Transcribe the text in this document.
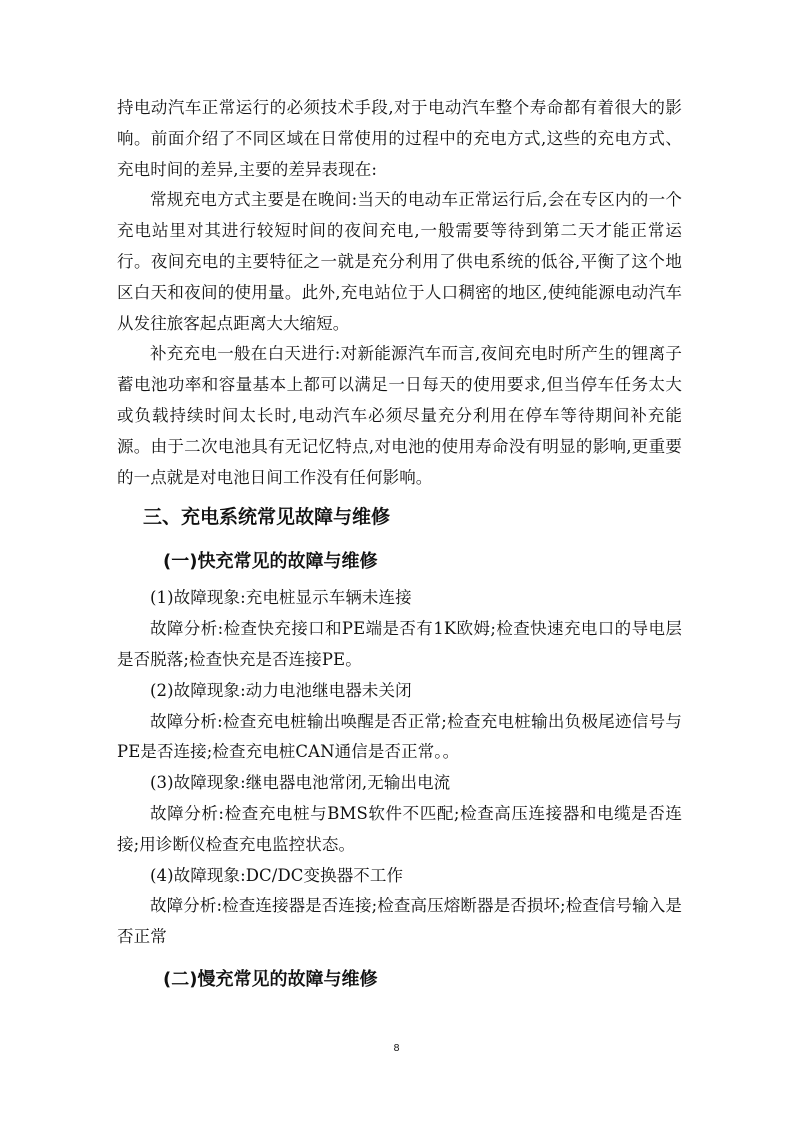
持电动汽车正常运行的必须技术手段,对于电动汽车整个寿命都有着很大的影响。前面介绍了不同区域在日常使用的过程中的充电方式,这些的充电方式、充电时间的差异,主要的差异表现在:

常规充电方式主要是在晚间:当天的电动车正常运行后,会在专区内的一个充电站里对其进行较短时间的夜间充电,一般需要等待到第二天才能正常运行。夜间充电的主要特征之一就是充分利用了供电系统的低谷,平衡了这个地区白天和夜间的使用量。此外,充电站位于人口稠密的地区,使纯能源电动汽车从发往旅客起点距离大大缩短。

补充充电一般在白天进行:对新能源汽车而言,夜间充电时所产生的锂离子蓄电池功率和容量基本上都可以满足一日每天的使用要求,但当停车任务太大或负载持续时间太长时,电动汽车必须尽量充分利用在停车等待期间补充能源。由于二次电池具有无记忆特点,对电池的使用寿命没有明显的影响,更重要的一点就是对电池日间工作没有任何影响。

三、充电系统常见故障与维修
(一)快充常见的故障与维修

(1)故障现象:充电桩显示车辆未连接

故障分析:检查快充接口和PE端是否有1K欧姆;检查快速充电口的导电层是否脱落;检查快充是否连接PE。

(2)故障现象:动力电池继电器未关闭

故障分析:检查充电桩输出唤醒是否正常;检查充电桩输出负极尾迹信号与PE是否连接;检查充电桩CAN通信是否正常。。

(3)故障现象:继电器电池常闭,无输出电流

故障分析:检查充电桩与BMS软件不匹配;检查高压连接器和电缆是否连接;用诊断仪检查充电监控状态。

(4)故障现象:DC/DC变换器不工作

故障分析:检查连接器是否连接;检查高压熔断器是否损坏;检查信号输入是否正常

(二)慢充常见的故障与维修
8
